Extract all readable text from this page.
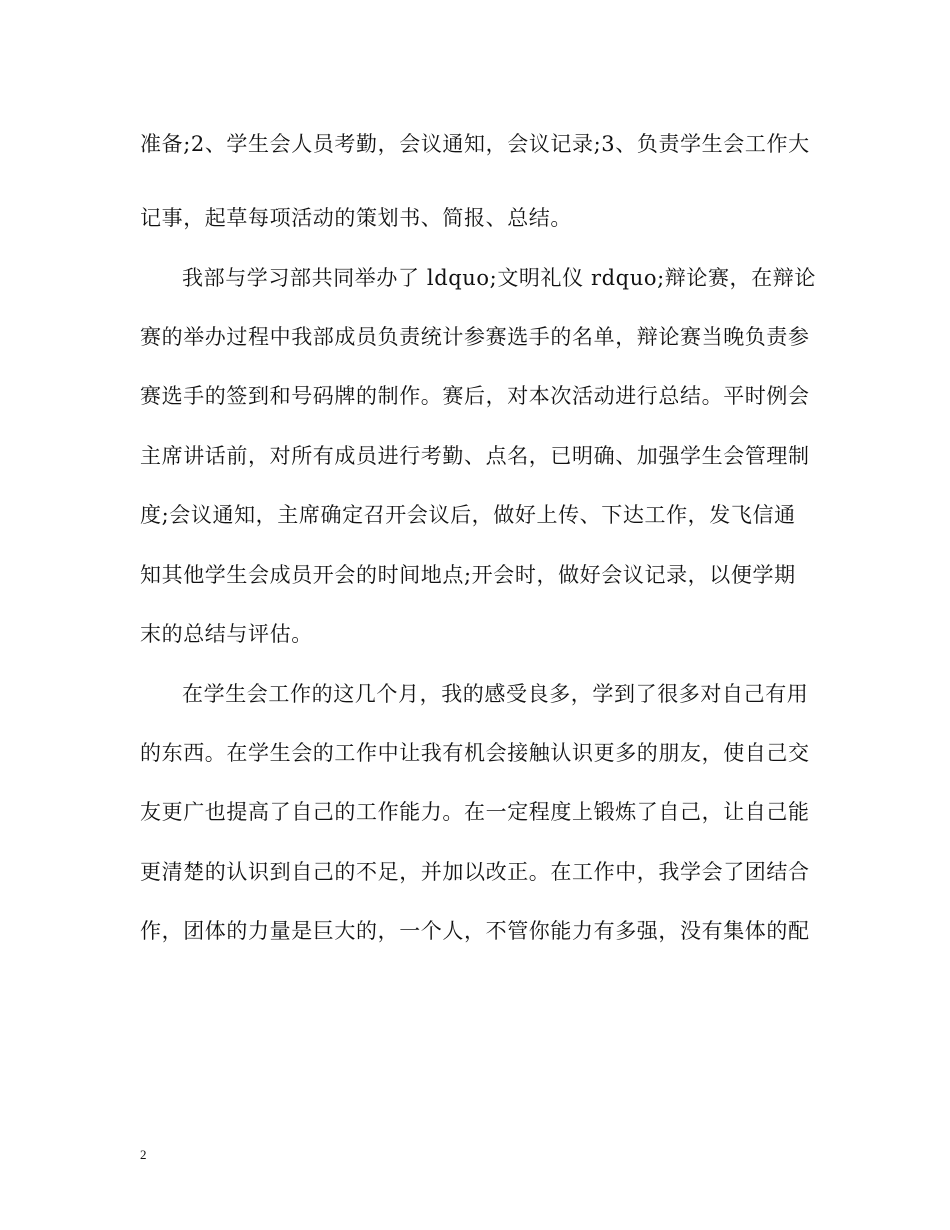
准备;2、学生会人员考勤，会议通知，会议记录;3、负责学生会工作大
记事，起草每项活动的策划书、简报、总结。
我部与学习部共同举办了 ldquo;文明礼仪 rdquo;辩论赛，在辩论
赛的举办过程中我部成员负责统计参赛选手的名单，辩论赛当晚负责参
赛选手的签到和号码牌的制作。赛后，对本次活动进行总结。平时例会
主席讲话前，对所有成员进行考勤、点名，已明确、加强学生会管理制
度;会议通知，主席确定召开会议后，做好上传、下达工作，发飞信通
知其他学生会成员开会的时间地点;开会时，做好会议记录，以便学期
末的总结与评估。
在学生会工作的这几个月，我的感受良多，学到了很多对自己有用
的东西。在学生会的工作中让我有机会接触认识更多的朋友，使自己交
友更广也提高了自己的工作能力。在一定程度上锻炼了自己，让自己能
更清楚的认识到自己的不足，并加以改正。在工作中，我学会了团结合
作，团体的力量是巨大的，一个人，不管你能力有多强，没有集体的配
2
